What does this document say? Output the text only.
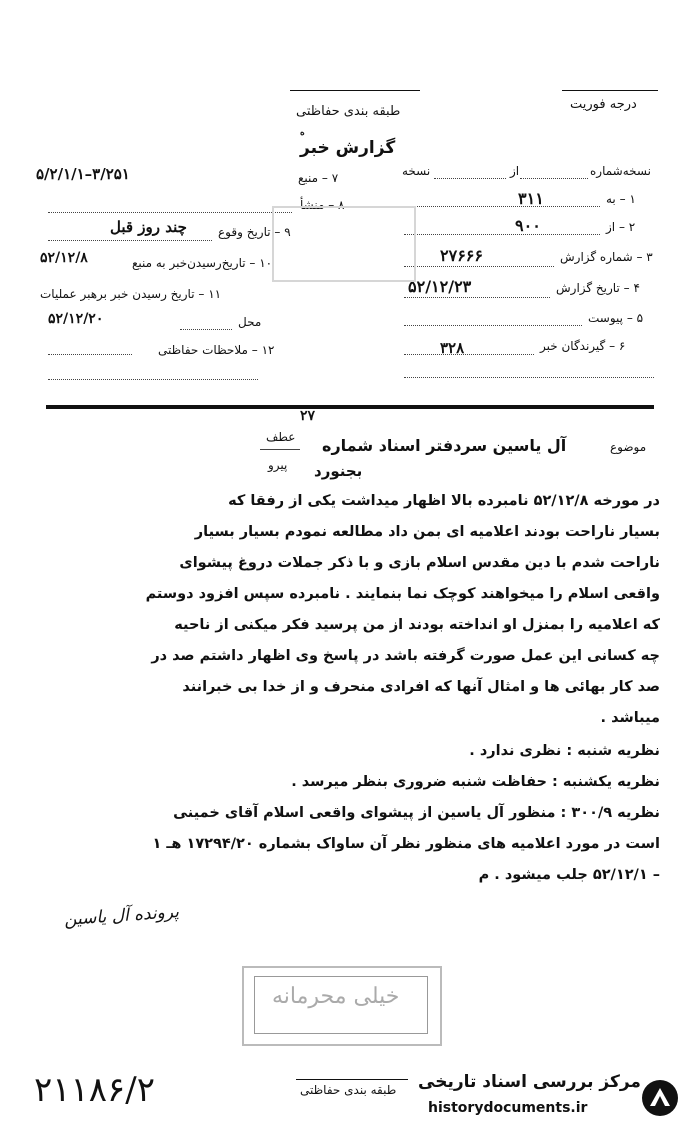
درجه فوریت
طبقه بندی حفاظتی
ه
گزارش خبر
نسخه‌شماره
از
نسخه
۱ – به
۳۱۱
۲ – از
۹۰۰
۳ – شماره گزارش
۲۷۶۶۶
۴ – تاریخ گزارش
۵۲/۱۲/۲۳
۵ – پیوست
۶ – گیرندگان خبر
۳۲۸
۷ – منبع
۵/۲/۱/۱–۳/۲۵۱
۸ – منشأ
۹ – تاریخ وقوع
چند روز قبل
۱۰ – تاریخ‌رسیدن‌خبر به منبع
۵۲/۱۲/۸
۱۱ – تاریخ رسیدن خبر برهبر عملیات
محل
۵۲/۱۲/۲۰
۱۲ – ملاحظات حفاظتی
موضوع
آل یاسین سردفتر اسناد شماره
۲۷
عطف
پیرو بجنورد
در مورخه ۵۲/۱۲/۸ نامبرده بالا اظهار میداشت یکی از رفقا که
بسیار ناراحت بودند اعلامیه ای بمن داد مطالعه نمودم بسیار بسیار
ناراحت شدم با دین مقدس اسلام بازی و با ذکر جملات دروغ پیشوای
واقعی اسلام را میخواهند کوچک نما بنمایند . نامبرده سپس افزود دوستم
که اعلامیه را بمنزل او انداخته بودند از من پرسید فکر میکنی از ناحیه
چه کسانی این عمل صورت گرفته باشد در پاسخ وی اظهار داشتم صد در
صد کار بهائی ها و امثال آنها که افرادی منحرف و از خدا بی خبرانند
میباشد .
نظریه شنبه : نظری ندارد .
نظریه یکشنبه : حفاظت شنبه ضروری بنظر میرسد .
نظریه ۳۰۰/۹ : منظور آل یاسین از پیشوای واقعی اسلام آقای خمینی
است در مورد اعلامیه های منظور نظر آن ساواک بشماره ۱۷۲۹۴/۲۰ هـ ۱
– ۵۲/۱۲/۱ جلب میشود . م
پرونده آل یاسین
خیلی محرمانه
۲۱۱۸۶/۲	طبقه بندی حفاظتی مرکز بررسی اسناد تاریخی
historydocuments.ir
